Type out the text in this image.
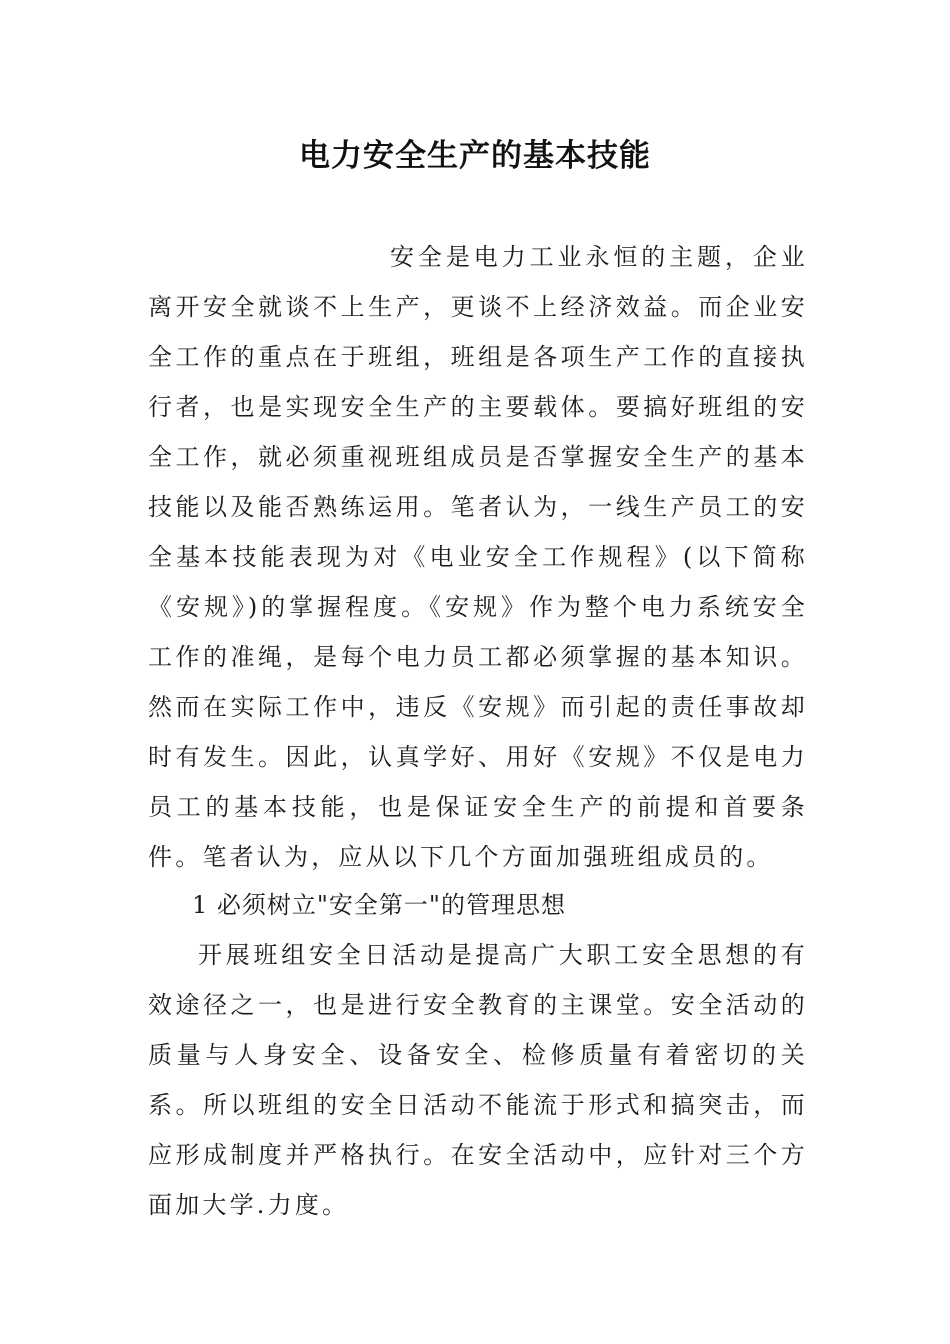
电力安全生产的基本技能
安全是电力工业永恒的主题，企业离开安全就谈不上生产，更谈不上经济效益。而企业安全工作的重点在于班组，班组是各项生产工作的直接执行者，也是实现安全生产的主要载体。要搞好班组的安全工作，就必须重视班组成员是否掌握安全生产的基本技能以及能否熟练运用。笔者认为，一线生产员工的安全基本技能表现为对《电业安全工作规程》(以下简称《安规》)的掌握程度。《安规》作为整个电力系统安全工作的准绳，是每个电力员工都必须掌握的基本知识。然而在实际工作中，违反《安规》而引起的责任事故却时有发生。因此，认真学好、用好《安规》不仅是电力员工的基本技能，也是保证安全生产的前提和首要条件。笔者认为，应从以下几个方面加强班组成员的。
1 必须树立"安全第一"的管理思想
开展班组安全日活动是提高广大职工安全思想的有效途径之一，也是进行安全教育的主课堂。安全活动的质量与人身安全、设备安全、检修质量有着密切的关系。所以班组的安全日活动不能流于形式和搞突击，而应形成制度并严格执行。在安全活动中，应针对三个方面加大学.力度。
